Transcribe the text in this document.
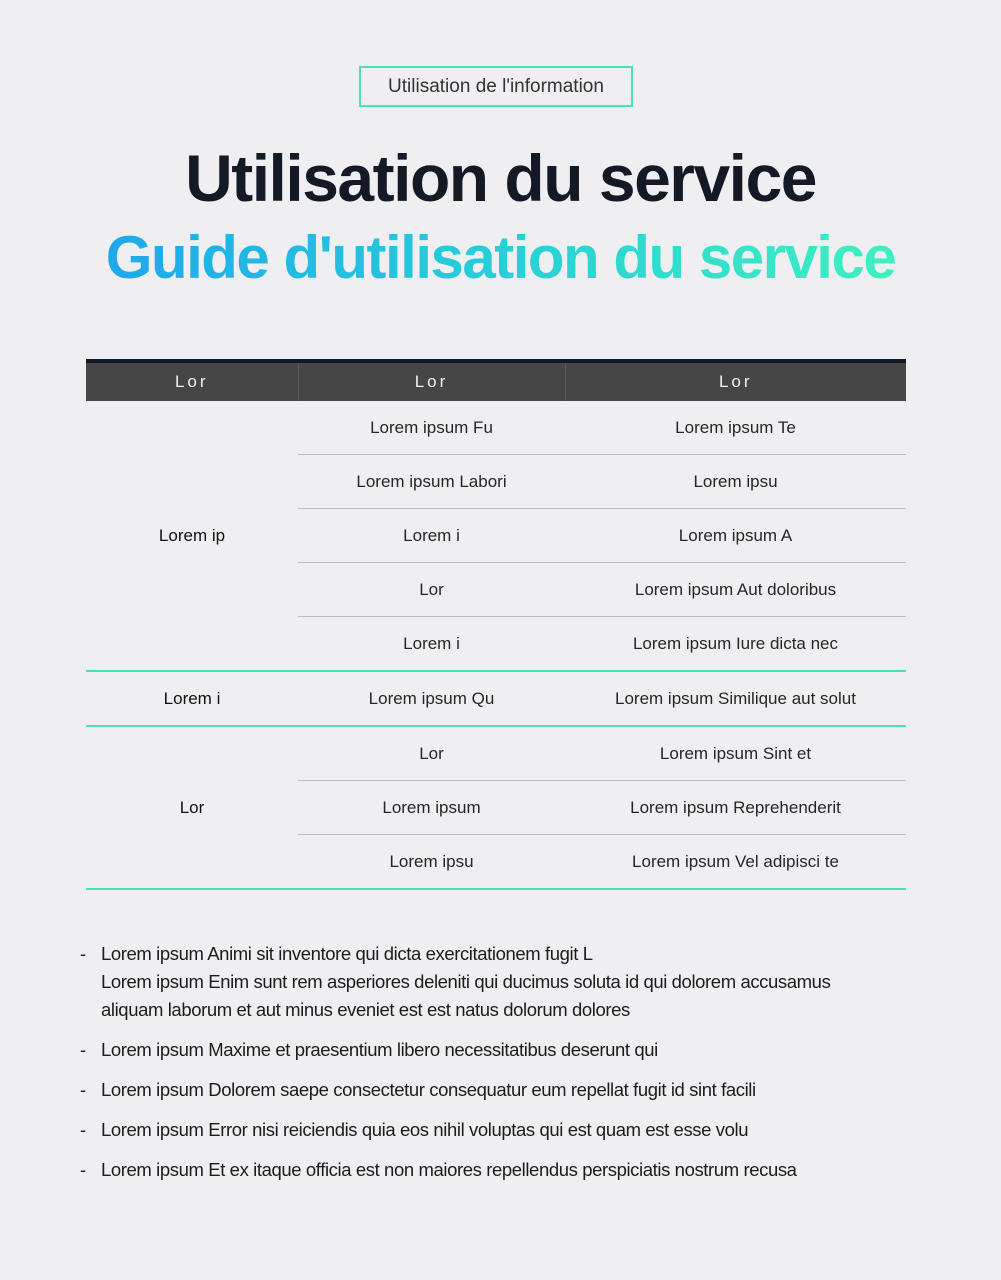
Utilisation de l'information
Utilisation du service
Guide d'utilisation du service
Lor	Lor	Lor
Lorem ip	Lorem ipsum Fu	Lorem ipsum Te
	Lorem ipsum Labori	Lorem ipsu
	Lorem i	Lorem ipsum A
	Lor	Lorem ipsum Aut doloribus
	Lorem i	Lorem ipsum Iure dicta nec
Lorem i	Lorem ipsum Qu	Lorem ipsum Similique aut solut
Lor	Lor	Lorem ipsum Sint et
	Lorem ipsum	Lorem ipsum Reprehenderit
	Lorem ipsu	Lorem ipsum Vel adipisci te
- Lorem ipsum Animi sit inventore qui dicta exercitationem fugit L
Lorem ipsum Enim sunt rem asperiores deleniti qui ducimus soluta id qui dolorem accusamus
aliquam laborum et aut minus eveniet est est natus dolorum dolores
- Lorem ipsum Maxime et praesentium libero necessitatibus deserunt qui
- Lorem ipsum Dolorem saepe consectetur consequatur eum repellat fugit id sint facili
- Lorem ipsum Error nisi reiciendis quia eos nihil voluptas qui est quam est esse volu
- Lorem ipsum Et ex itaque officia est non maiores repellendus perspiciatis nostrum recusa
